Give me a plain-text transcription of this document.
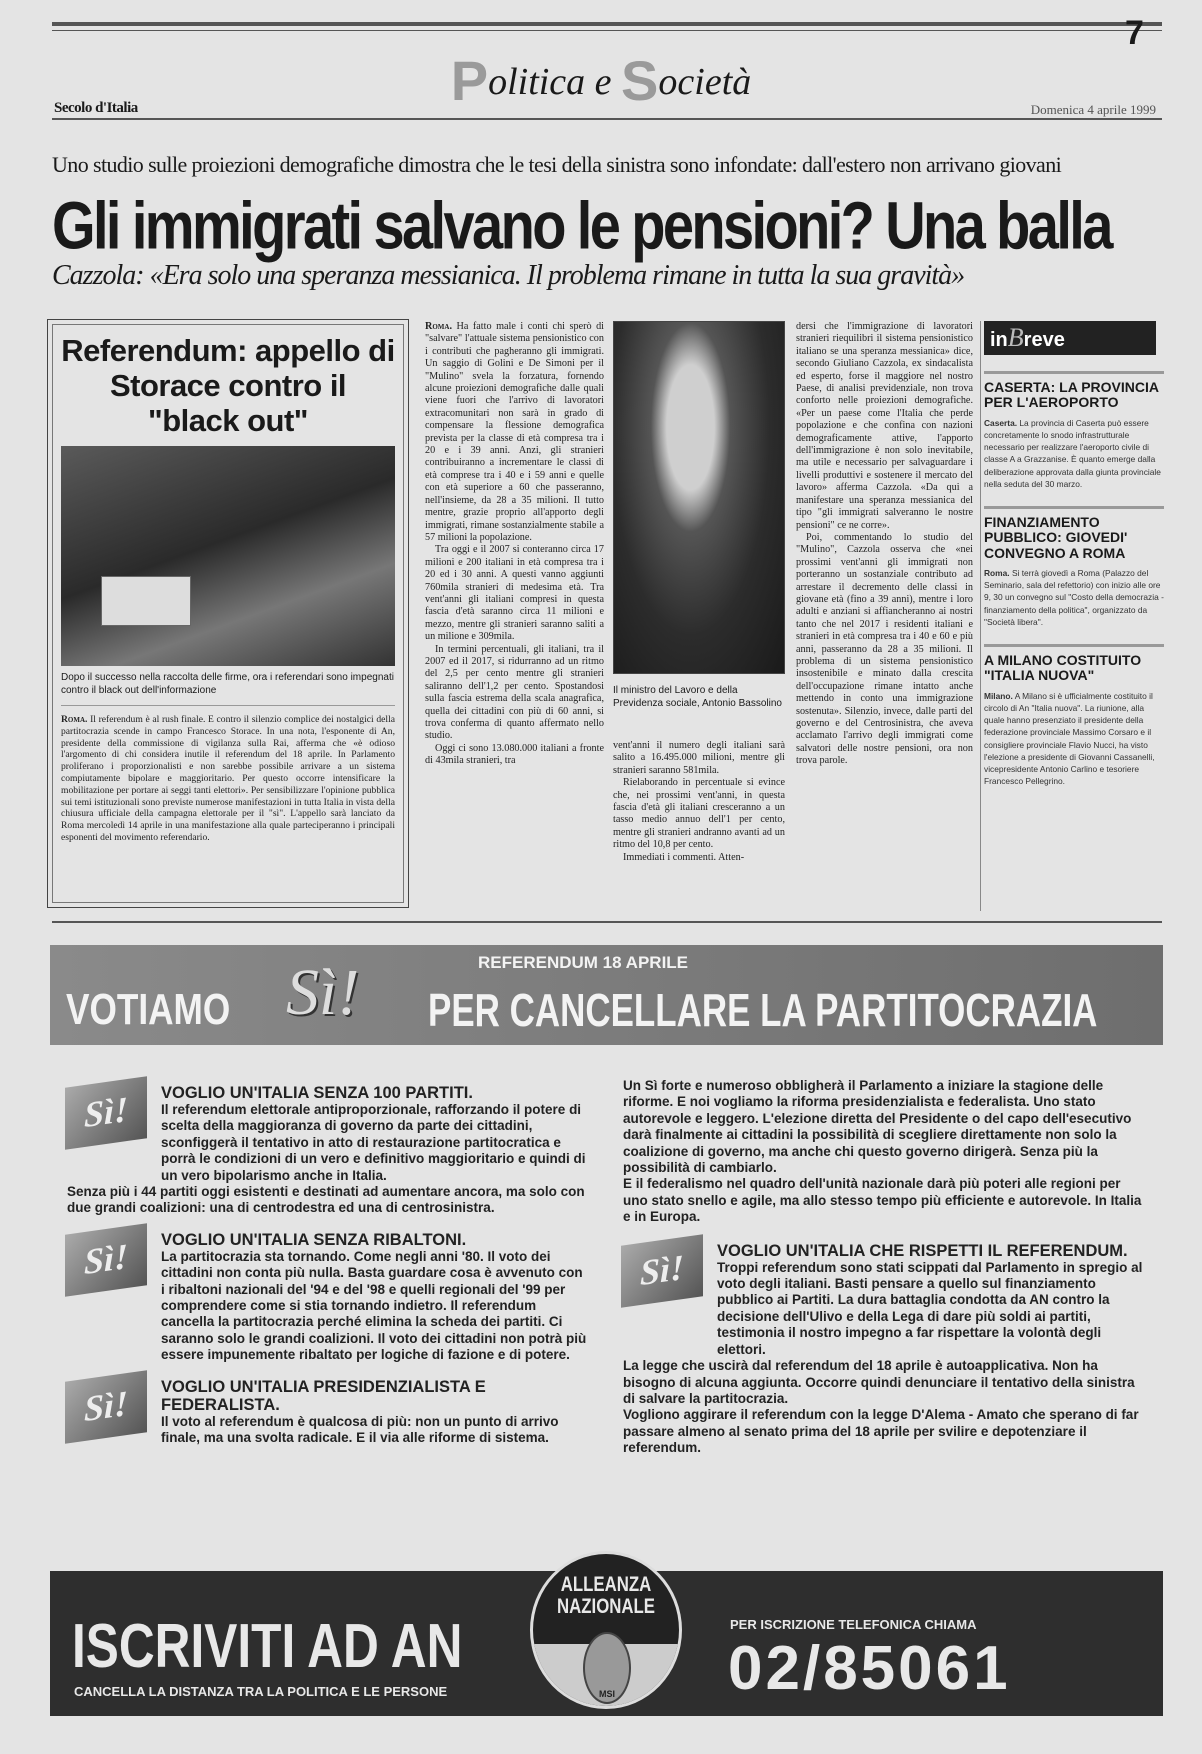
Politica e Società
7
Secolo d'Italia	Domenica 4 aprile 1999
Uno studio sulle proiezioni demografiche dimostra che le tesi della sinistra sono infondate: dall'estero non arrivano giovani
Gli immigrati salvano le pensioni? Una balla
Cazzola: «Era solo una speranza messianica. Il problema rimane in tutta la sua gravità»
Referendum: appello di Storace contro il "black out"
Dopo il successo nella raccolta delle firme, ora i referendari sono impegnati contro il black out dell'informazione
Roma. Il referendum è al rush finale. E contro il silenzio complice dei nostalgici della partitocrazia scende in campo Francesco Storace. In una nota, l'esponente di An, presidente della commissione di vigilanza sulla Rai, afferma che «è odioso l'argomento di chi considera inutile il referendum del 18 aprile. In Parlamento proliferano i proporzionalisti e non sarebbe possibile arrivare a un sistema compiutamente bipolare e maggioritario. Per questo occorre intensificare la mobilitazione per portare ai seggi tanti elettori». Per sensibilizzare l'opinione pubblica sui temi istituzionali sono previste numerose manifestazioni in tutta Italia in vista della chiusura ufficiale della campagna elettorale per il "sì". L'appello sarà lanciato da Roma mercoledì 14 aprile in una manifestazione alla quale parteciperanno i principali esponenti del movimento referendario.

Roma. Ha fatto male i conti chi sperò di "salvare" l'attuale sistema pensionistico con i contributi che pagheranno gli immigrati. Un saggio di Golini e De Simoni per il "Mulino" svela la forzatura, fornendo alcune proiezioni demografiche dalle quali viene fuori che l'arrivo di lavoratori extracomunitari non sarà in grado di compensare la flessione demografica prevista per la classe di età compresa tra i 20 e i 39 anni. Anzi, gli stranieri contribuiranno a incrementare le classi di età comprese tra i 40 e i 59 anni e quelle con età superiore a 60 che passeranno, nell'insieme, da 28 a 35 milioni. Il tutto mentre, grazie proprio all'apporto degli immigrati, rimane sostanzialmente stabile a 57 milioni la popolazione.

Tra oggi e il 2007 si conteranno circa 17 milioni e 200 italiani in età compresa tra i 20 ed i 30 anni. A questi vanno aggiunti 760mila stranieri di medesima età. Tra vent'anni gli italiani compresi in questa fascia d'età saranno circa 11 milioni e mezzo, mentre gli stranieri saranno saliti a un milione e 309mila.

In termini percentuali, gli italiani, tra il 2007 ed il 2017, si ridurranno ad un ritmo del 2,5 per cento mentre gli stranieri saliranno dell'1,2 per cento. Spostandosi sulla fascia estrema della scala anagrafica, quella dei cittadini con più di 60 anni, si trova conferma di quanto affermato nello studio.

Oggi ci sono 13.080.000 italiani a fronte di 43mila stranieri, tra

Il ministro del Lavoro e della Previdenza sociale, Antonio Bassolino

vent'anni il numero degli italiani sarà salito a 16.495.000 milioni, mentre gli stranieri saranno 581mila.

Rielaborando in percentuale si evince che, nei prossimi vent'anni, in questa fascia d'età gli italiani cresceranno a un tasso medio annuo dell'1 per cento, mentre gli stranieri andranno avanti ad un ritmo del 10,8 per cento.

Immediati i commenti. Atten-

dersi che l'immigrazione di lavoratori stranieri riequilibri il sistema pensionistico italiano se una speranza messianica» dice, secondo Giuliano Cazzola, ex sindacalista ed esperto, forse il maggiore nel nostro Paese, di analisi previdenziale, non trova conforto nelle proiezioni demografiche. «Per un paese come l'Italia che perde popolazione e che confina con nazioni demograficamente attive, l'apporto dell'immigrazione è non solo inevitabile, ma utile e necessario per salvaguardare i livelli produttivi e sostenere il mercato del lavoro» afferma Cazzola. «Da qui a manifestare una speranza messianica del tipo "gli immigrati salveranno le nostre pensioni" ce ne corre».

Poi, commentando lo studio del "Mulino", Cazzola osserva che «nei prossimi vent'anni gli immigrati non porteranno un sostanziale contributo ad arrestare il decremento delle classi in giovane età (fino a 39 anni), mentre i loro adulti e anziani si affiancheranno ai nostri tanto che nel 2017 i residenti italiani e stranieri in età compresa tra i 40 e 60 e più anni, passeranno da 28 a 35 milioni. Il problema di un sistema pensionistico insostenibile e minato dalla crescita dell'occupazione rimane intatto anche mettendo in conto una immigrazione sostenuta». Silenzio, invece, dalle parti del governo e del Centrosinistra, che aveva acclamato l'arrivo degli immigrati come salvatori delle nostre pensioni, ora non trova parole.

inBreve
CASERTA: LA PROVINCIA PER L'AEROPORTO

Caserta. La provincia di Caserta può essere concretamente lo snodo infrastrutturale necessario per realizzare l'aeroporto civile di classe A a Grazzanise. È quanto emerge dalla deliberazione approvata dalla giunta provinciale nella seduta del 30 marzo.

FINANZIAMENTO PUBBLICO: GIOVEDI' CONVEGNO A ROMA

Roma. Si terrà giovedì a Roma (Palazzo del Seminario, sala del refettorio) con inizio alle ore 9, 30 un convegno sul "Costo della democrazia - finanziamento della politica", organizzato da "Società libera".

A MILANO COSTITUITO "ITALIA NUOVA"

Milano. A Milano si è ufficialmente costituito il circolo di An "Italia nuova". La riunione, alla quale hanno presenziato il presidente della federazione provinciale Massimo Corsaro e il consigliere provinciale Flavio Nucci, ha visto l'elezione a presidente di Giovanni Cassanelli, vicepresidente Antonio Carlino e tesoriere Francesco Pellegrino.

REFERENDUM 18 APRILE
VOTIAMO Sì! PER CANCELLARE LA PARTITOCRAZIA
Sì!	VOGLIO UN'ITALIA SENZA 100 PARTITI.
Il referendum elettorale antiproporzionale, rafforzando il potere di scelta della maggioranza di governo da parte dei cittadini, sconfiggerà il tentativo in atto di restaurazione partitocratica e porrà le condizioni di un vero e definitivo maggioritario e quindi di un vero bipolarismo anche in Italia.
Senza più i 44 partiti oggi esistenti e destinati ad aumentare ancora, ma solo con due grandi coalizioni: una di centrodestra ed una di centrosinistra.
Sì!	VOGLIO UN'ITALIA SENZA RIBALTONI.
La partitocrazia sta tornando. Come negli anni '80. Il voto dei cittadini non conta più nulla. Basta guardare cosa è avvenuto con i ribaltoni nazionali del '94 e del '98 e quelli regionali del '99 per comprendere come si stia tornando indietro. Il referendum cancella la partitocrazia perché elimina la scheda dei partiti. Ci saranno solo le grandi coalizioni. Il voto dei cittadini non potrà più essere impunemente ribaltato per logiche di fazione e di potere.
Sì!	VOGLIO UN'ITALIA PRESIDENZIALISTA E FEDERALISTA.
Il voto al referendum è qualcosa di più: non un punto di arrivo finale, ma una svolta radicale. E il via alle riforme di sistema.
Un Sì forte e numeroso obbligherà il Parlamento a iniziare la stagione delle riforme. E noi vogliamo la riforma presidenzialista e federalista. Uno stato autorevole e leggero. L'elezione diretta del Presidente o del capo dell'esecutivo darà finalmente ai cittadini la possibilità di scegliere direttamente non solo la coalizione di governo, ma anche chi questo governo dirigerà. Senza più la possibilità di cambiarlo.
E il federalismo nel quadro dell'unità nazionale darà più poteri alle regioni per uno stato snello e agile, ma allo stesso tempo più efficiente e autorevole. In Italia e in Europa.
Sì!	VOGLIO UN'ITALIA CHE RISPETTI IL REFERENDUM.
Troppi referendum sono stati scippati dal Parlamento in spregio al voto degli italiani. Basti pensare a quello sul finanziamento pubblico ai Partiti. La dura battaglia condotta da AN contro la decisione dell'Ulivo e della Lega di dare più soldi ai partiti, testimonia il nostro impegno a far rispettare la volontà degli elettori.
La legge che uscirà dal referendum del 18 aprile è autoapplicativa. Non ha bisogno di alcuna aggiunta. Occorre quindi denunciare il tentativo della sinistra di salvare la partitocrazia.
Vogliono aggirare il referendum con la legge D'Alema - Amato che sperano di far passare almeno al senato prima del 18 aprile per svilire e depotenziare il referendum.
ISCRIVITI AD AN
CANCELLA LA DISTANZA TRA LA POLITICA E LE PERSONE
ALLEANZA NAZIONALE
MSI
PER ISCRIZIONE TELEFONICA CHIAMA
02/85061
